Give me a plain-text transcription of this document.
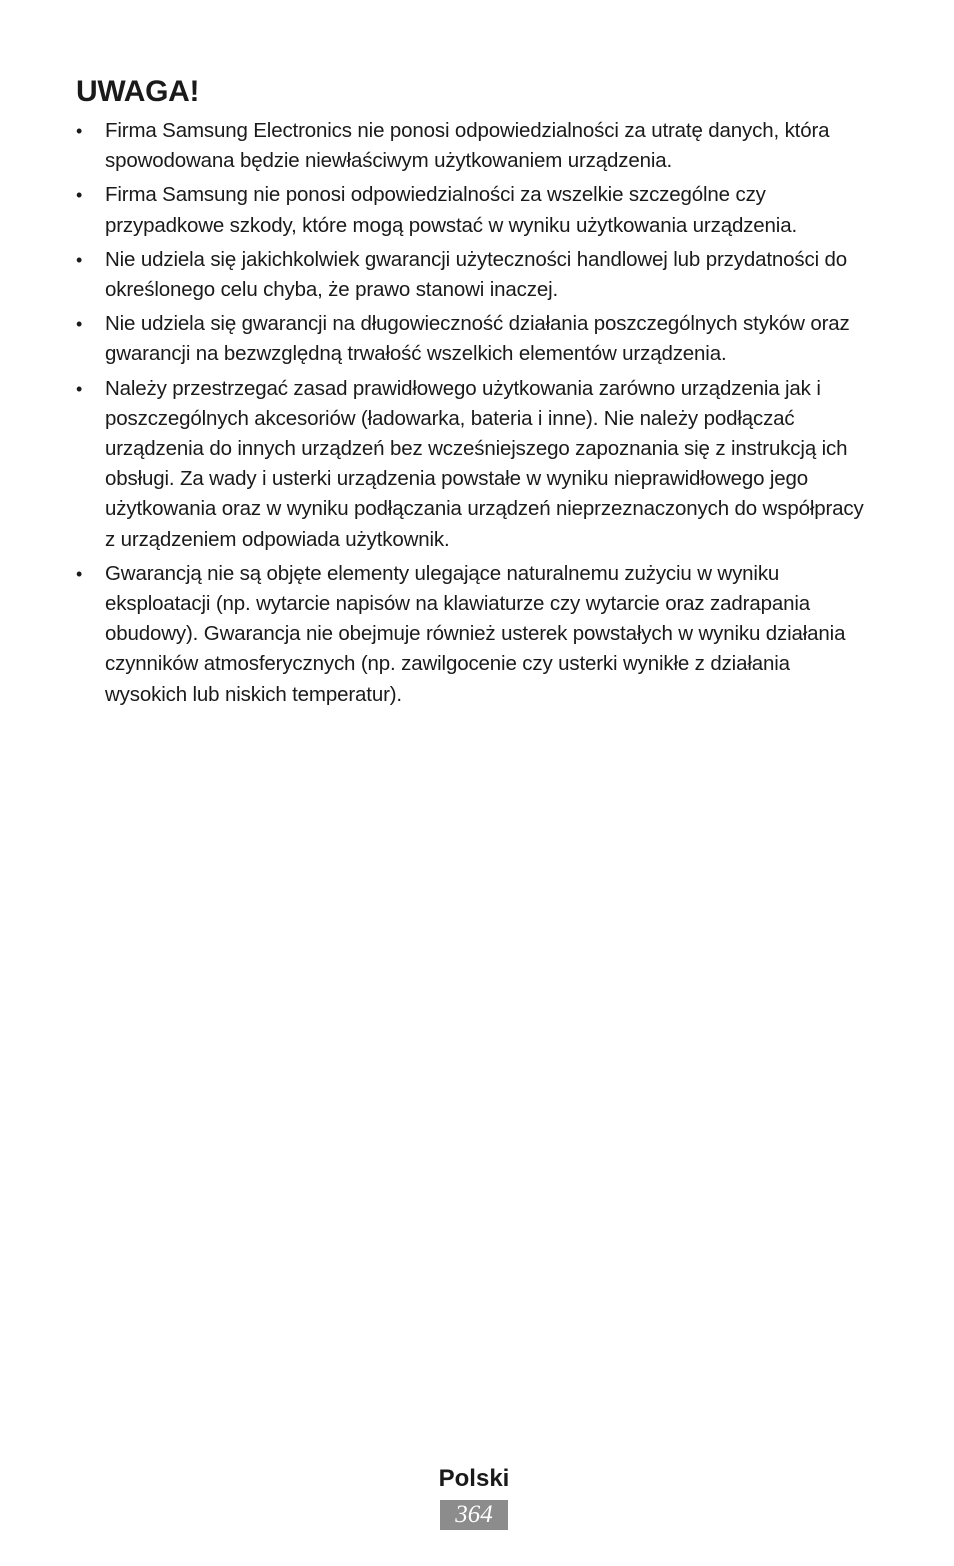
UWAGA!
• Firma Samsung Electronics nie ponosi odpowiedzialności za utratę danych, która spowodowana będzie niewłaściwym użytkowaniem urządzenia.
• Firma Samsung nie ponosi odpowiedzialności za wszelkie szczególne czy przypadkowe szkody, które mogą powstać w wyniku użytkowania urządzenia.
• Nie udziela się jakichkolwiek gwarancji użyteczności handlowej lub przydatności do określonego celu chyba, że prawo stanowi inaczej.
• Nie udziela się gwarancji na długowieczność działania poszczególnych styków oraz gwarancji na bezwzględną trwałość wszelkich elementów urządzenia.
• Należy przestrzegać zasad prawidłowego użytkowania zarówno urządzenia jak i poszczególnych akcesoriów (ładowarka, bateria i inne). Nie należy podłączać urządzenia do innych urządzeń bez wcześniejszego zapoznania się z instrukcją ich obsługi. Za wady i usterki urządzenia powstałe w wyniku nieprawidłowego jego użytkowania oraz w wyniku podłączania urządzeń nieprzeznaczonych do współpracy z urządzeniem odpowiada użytkownik.
• Gwarancją nie są objęte elementy ulegające naturalnemu zużyciu w wyniku eksploatacji (np. wytarcie napisów na klawiaturze czy wytarcie oraz zadrapania obudowy). Gwarancja nie obejmuje również usterek powstałych w wyniku działania czynników atmosferycznych (np. zawilgocenie czy usterki wynikłe z działania wysokich lub niskich temperatur).
Polski
364
